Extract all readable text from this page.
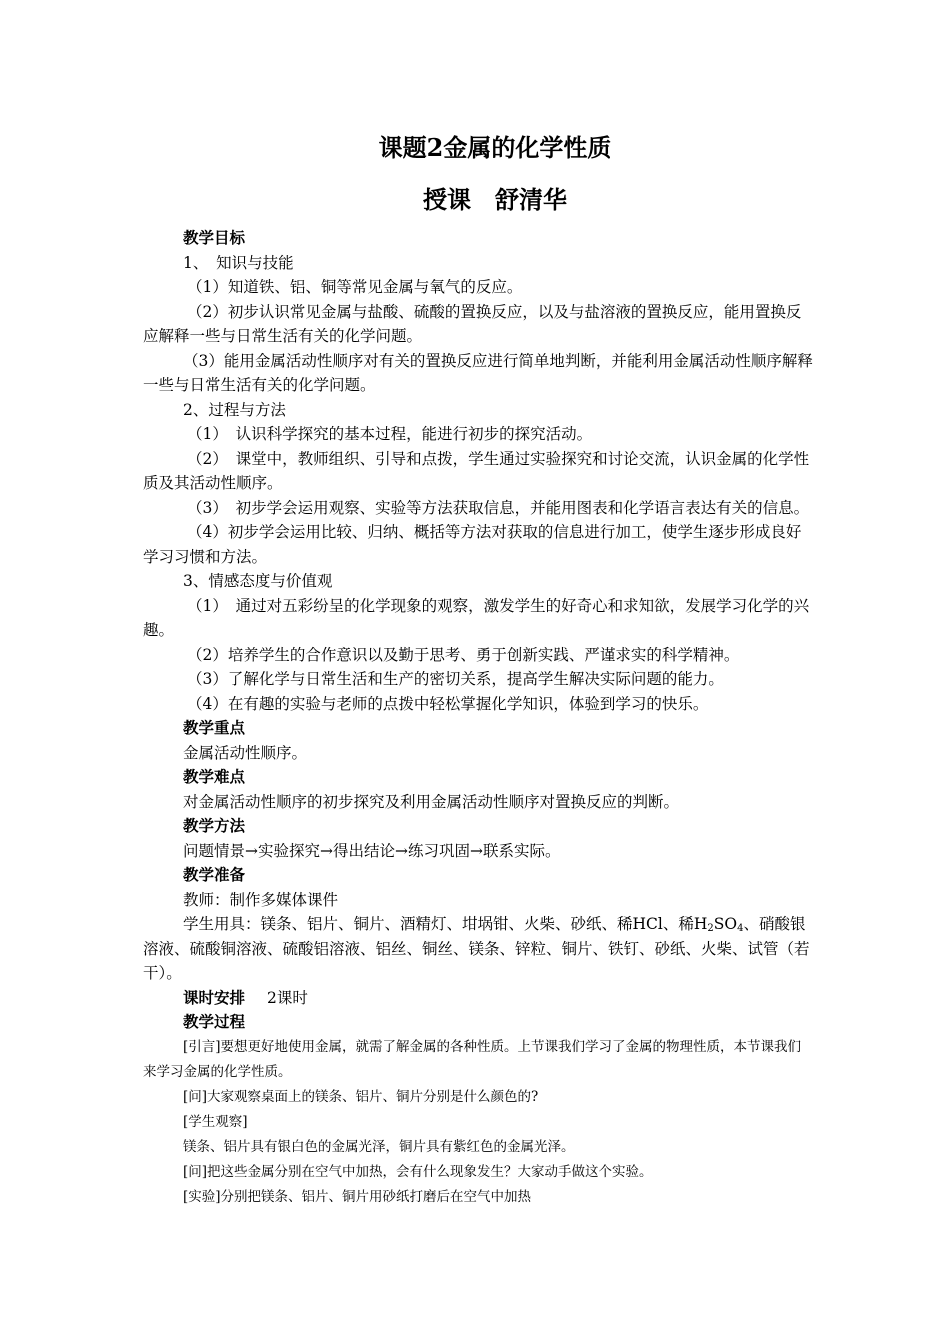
课题2金属的化学性质
授课　舒清华

教学目标

1、　知识与技能

（1）知道铁、铝、铜等常见金属与氧气的反应。

（2）初步认识常见金属与盐酸、硫酸的置换反应，以及与盐溶液的置换反应，能用置换反应解释一些与日常生活有关的化学问题。

（3）能用金属活动性顺序对有关的置换反应进行简单地判断，并能利用金属活动性顺序解释一些与日常生活有关的化学问题。

2、过程与方法

（1）　认识科学探究的基本过程，能进行初步的探究活动。

（2）　课堂中，教师组织、引导和点拨，学生通过实验探究和讨论交流，认识金属的化学性质及其活动性顺序。

（3）　初步学会运用观察、实验等方法获取信息，并能用图表和化学语言表达有关的信息。

（4）初步学会运用比较、归纳、概括等方法对获取的信息进行加工，使学生逐步形成良好学习习惯和方法。

3、情感态度与价值观

（1）　通过对五彩纷呈的化学现象的观察，激发学生的好奇心和求知欲，发展学习化学的兴趣。

（2）培养学生的合作意识以及勤于思考、勇于创新实践、严谨求实的科学精神。

（3）了解化学与日常生活和生产的密切关系，提高学生解决实际问题的能力。

（4）在有趣的实验与老师的点拨中轻松掌握化学知识，体验到学习的快乐。

教学重点

金属活动性顺序。

教学难点

对金属活动性顺序的初步探究及利用金属活动性顺序对置换反应的判断。

教学方法

问题情景→实验探究→得出结论→练习巩固→联系实际。

教学准备

教师：制作多媒体课件

学生用具：镁条、铝片、铜片、酒精灯、坩埚钳、火柴、砂纸、稀HCl、稀$H_2SO_4$、硝酸银溶液、硫酸铜溶液、硫酸铝溶液、铝丝、铜丝、镁条、锌粒、铜片、铁钉、砂纸、火柴、试管（若干）。

课时安排 2课时

教学过程

[引言]要想更好地使用金属，就需了解金属的各种性质。上节课我们学习了金属的物理性质，本节课我们来学习金属的化学性质。

[问]大家观察桌面上的镁条、铝片、铜片分别是什么颜色的?

[学生观察]

镁条、铝片具有银白色的金属光泽，铜片具有紫红色的金属光泽。

[问]把这些金属分别在空气中加热，会有什么现象发生？大家动手做这个实验。

[实验]分别把镁条、铝片、铜片用砂纸打磨后在空气中加热
